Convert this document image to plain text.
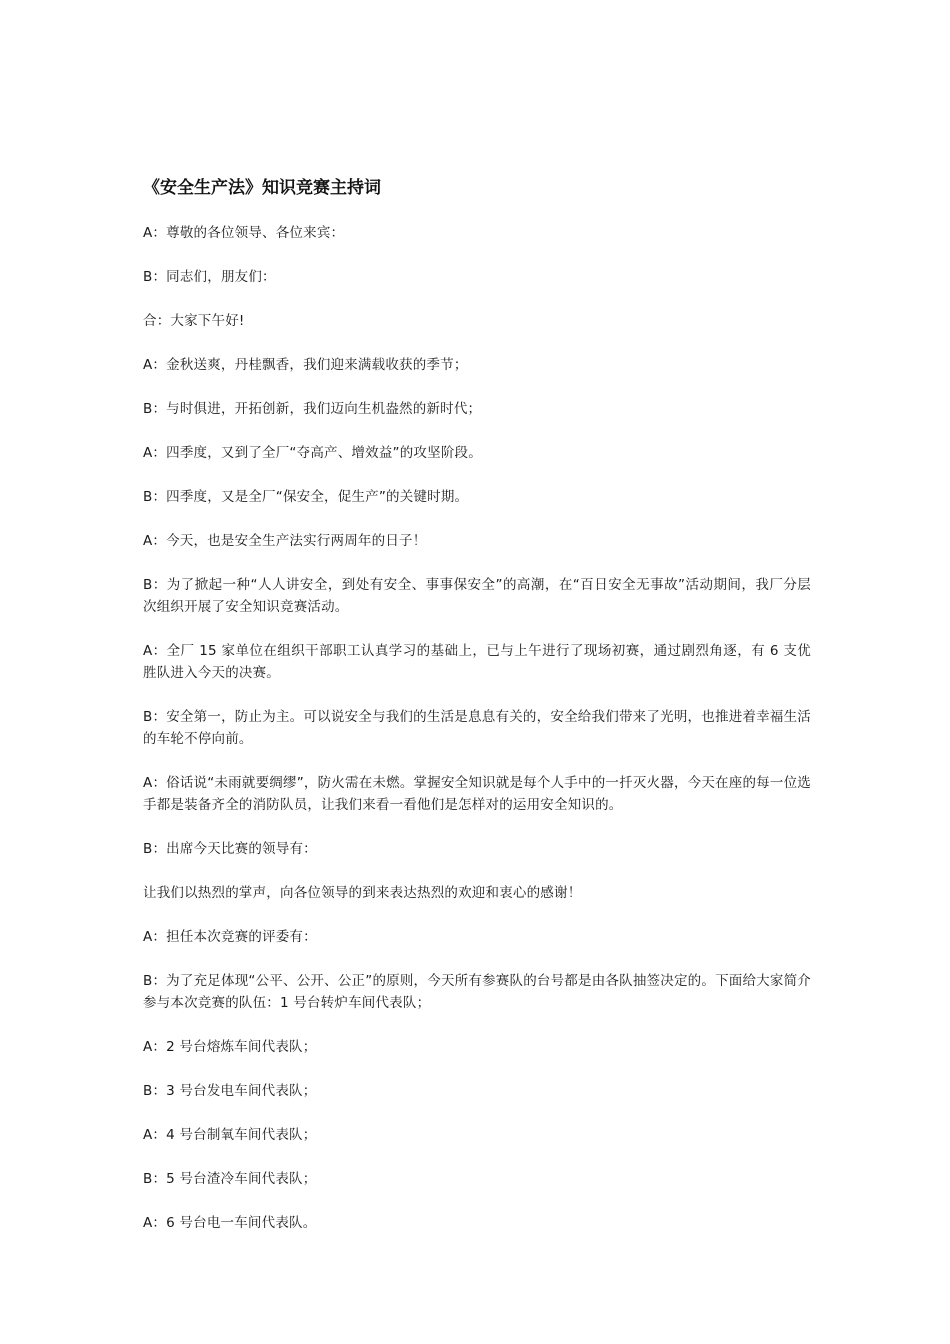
《安全生产法》知识竞赛主持词

A：尊敬的各位领导、各位来宾：

B：同志们，朋友们：

合：大家下午好!

A：金秋送爽，丹桂飘香，我们迎来满载收获的季节；

B：与时俱进，开拓创新，我们迈向生机盎然的新时代；

A：四季度，又到了全厂“夺高产、增效益”的攻坚阶段。

B：四季度，又是全厂“保安全，促生产”的关键时期。

A：今天，也是安全生产法实行两周年的日子！

B：为了掀起一种“人人讲安全，到处有安全、事事保安全”的高潮，在“百日安全无事故”活动期间，我厂分层次组织开展了安全知识竞赛活动。

A：全厂 15 家单位在组织干部职工认真学习的基础上，已与上午进行了现场初赛，通过剧烈角逐，有 6 支优胜队进入今天的决赛。

B：安全第一，防止为主。可以说安全与我们的生活是息息有关的，安全给我们带来了光明，也推进着幸福生活的车轮不停向前。

A：俗话说“未雨就要绸缪”，防火需在未燃。掌握安全知识就是每个人手中的一扦灭火器，今天在座的每一位选手都是装备齐全的消防队员，让我们来看一看他们是怎样对的运用安全知识的。

B：出席今天比赛的领导有：

让我们以热烈的掌声，向各位领导的到来表达热烈的欢迎和衷心的感谢！

A：担任本次竞赛的评委有：

B：为了充足体现“公平、公开、公正”的原则，今天所有参赛队的台号都是由各队抽签决定的。下面给大家简介参与本次竞赛的队伍：1 号台转炉车间代表队；

A：2 号台熔炼车间代表队；

B：3 号台发电车间代表队；

A：4 号台制氧车间代表队；

B：5 号台渣冷车间代表队；

A：6 号台电一车间代表队。
